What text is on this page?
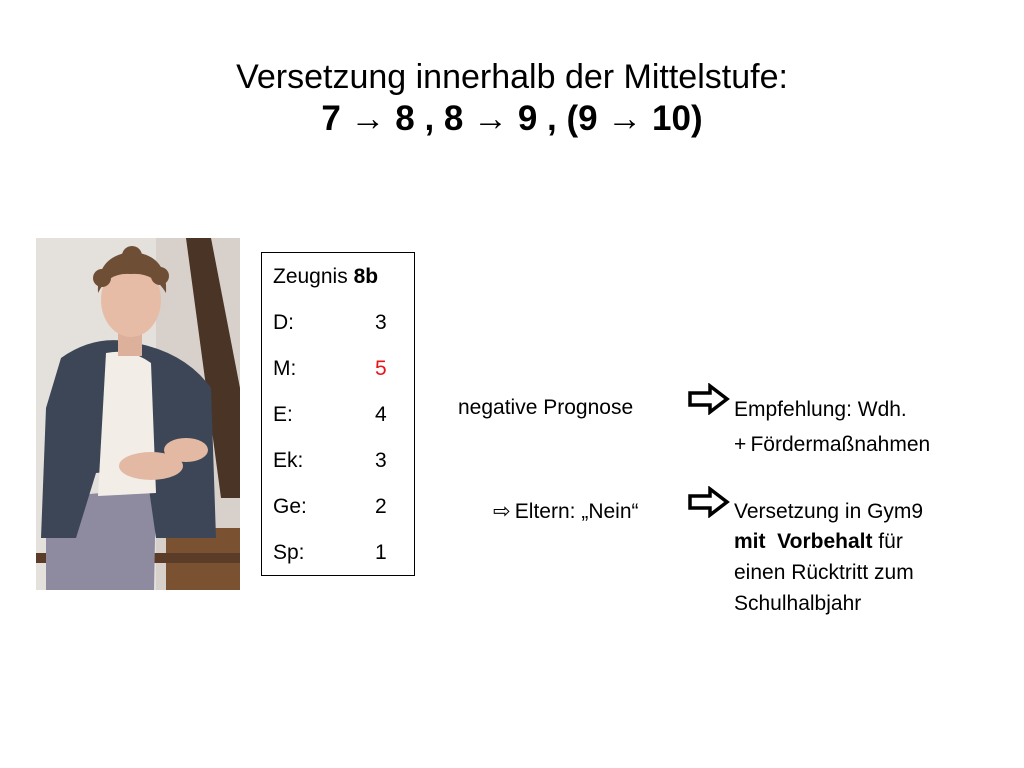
Versetzung innerhalb der Mittelstufe:
7 → 8 , 8 → 9 , (9 → 10)
Zeugnis 8b
D:	3
M:	5
E:	4
Ek:	3
Ge:	2
Sp:	1
negative Prognose	Empfehlung: Wdh.
+ Fördermaßnahmen
⇨ Eltern: „Nein“	Versetzung in Gym9
mit  Vorbehalt für
einen Rücktritt zum
Schulhalbjahr
